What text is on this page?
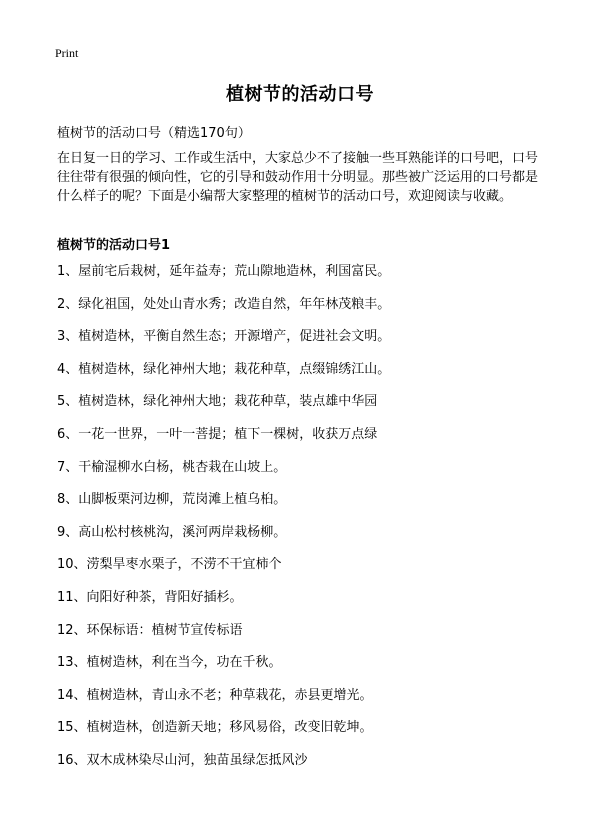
Print
植树节的活动口号
植树节的活动口号（精选170句）
在日复一日的学习、工作或生活中，大家总少不了接触一些耳熟能详的口号吧，口号往往带有很强的倾向性，它的引导和鼓动作用十分明显。那些被广泛运用的口号都是什么样子的呢？下面是小编帮大家整理的植树节的活动口号，欢迎阅读与收藏。
植树节的活动口号1
1、屋前宅后栽树，延年益寿；荒山隙地造林，利国富民。
2、绿化祖国，处处山青水秀；改造自然，年年林茂粮丰。
3、植树造林，平衡自然生态；开源增产，促进社会文明。
4、植树造林，绿化神州大地；栽花种草，点缀锦绣江山。
5、植树造林，绿化神州大地；栽花种草，装点雄中华园
6、一花一世界，一叶一菩提；植下一棵树，收获万点绿
7、干榆湿柳水白杨，桃杏栽在山坡上。
8、山脚板栗河边柳，荒岗滩上植乌桕。
9、高山松村核桃沟，溪河两岸栽杨柳。
10、涝梨旱枣水栗子，不涝不干宜柿个
11、向阳好种茶，背阳好插杉。
12、环保标语：植树节宣传标语
13、植树造林，利在当今，功在千秋。
14、植树造林，青山永不老；种草栽花，赤县更增光。
15、植树造林，创造新天地；移风易俗，改变旧乾坤。
16、双木成林染尽山河，独苗虽绿怎抵风沙
